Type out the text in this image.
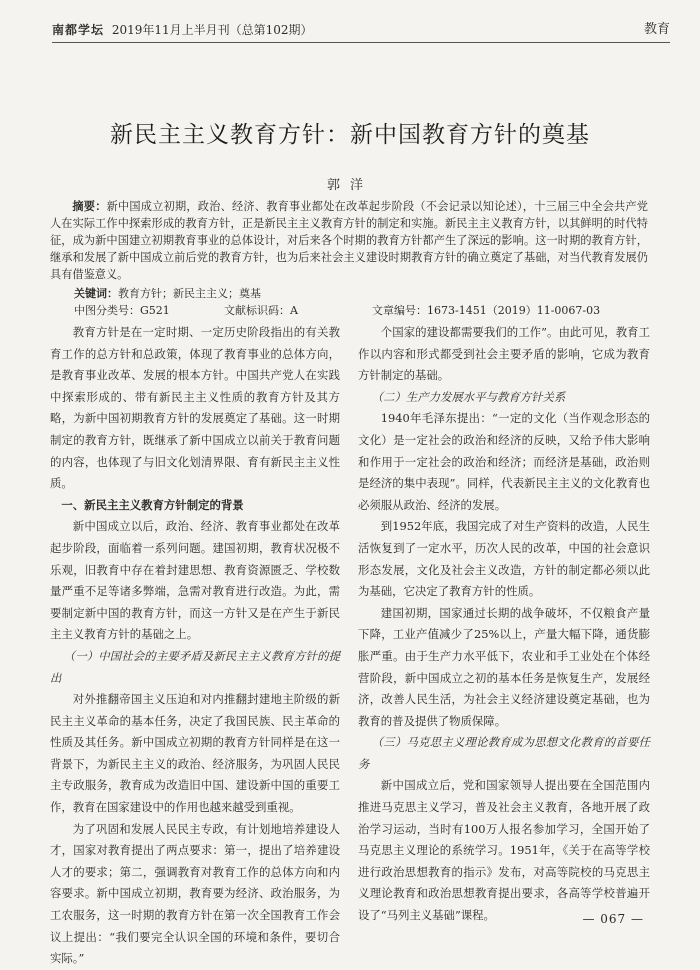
南都学坛 2019年11月上半月刊（总第102期）	教育
新民主主义教育方针：新中国教育方针的奠基
郭洋
摘要：新中国成立初期，政治、经济、教育事业都处在改革起步阶段（不会记录以知论述），十三届三中全会共产党人在实际工作中探索形成的教育方针，正是新民主主义教育方针的制定和实施。新民主主义教育方针，以其鲜明的时代特征，成为新中国建立初期教育事业的总体设计，对后来各个时期的教育方针都产生了深远的影响。这一时期的教育方针，继承和发展了新中国成立前后党的教育方针，也为后来社会主义建设时期教育方针的确立奠定了基础，对当代教育发展仍具有借鉴意义。
关键词：教育方针；新民主主义；奠基
中图分类号：G521	文献标识码：A	文章编号：1673-1451（2019）11-0067-03

教育方针是在一定时期、一定历史阶段指出的有关教育工作的总方针和总政策，体现了教育事业的总体方向，是教育事业改革、发展的根本方针。中国共产党人在实践中探索形成的、带有新民主主义性质的教育方针及其方略，为新中国初期教育方针的发展奠定了基础。这一时期制定的教育方针，既继承了新中国成立以前关于教育问题的内容，也体现了与旧文化划清界限、育有新民主主义性质。

一、新民主主义教育方针制定的背景

新中国成立以后，政治、经济、教育事业都处在改革起步阶段，面临着一系列问题。建国初期，教育状况极不乐观，旧教育中存在着封建思想、教育资源匮乏、学校数量严重不足等诸多弊端，急需对教育进行改造。为此，需要制定新中国的教育方针，而这一方针又是在产生于新民主主义教育方针的基础之上。

（一）中国社会的主要矛盾及新民主主义教育方针的提出

对外推翻帝国主义压迫和对内推翻封建地主阶级的新民主主义革命的基本任务，决定了我国民族、民主革命的性质及其任务。新中国成立初期的教育方针同样是在这一背景下，为新民主主义的政治、经济服务，为巩固人民民主专政服务，教育成为改造旧中国、建设新中国的重要工作，教育在国家建设中的作用也越来越受到重视。

为了巩固和发展人民民主专政，有计划地培养建设人才，国家对教育提出了两点要求：第一，提出了培养建设人才的要求；第二，强调教育对教育工作的总体方向和内容要求。新中国成立初期，教育要为经济、政治服务，为工农服务，这一时期的教育方针在第一次全国教育工作会议上提出：“我们要完全认识全国的环境和条件，要切合实际。”

个国家的建设都需要我们的工作”。由此可见，教育工作以内容和形式都受到社会主要矛盾的影响，它成为教育方针制定的基础。

（二）生产力发展水平与教育方针关系

1940年毛泽东提出：“一定的文化（当作观念形态的文化）是一定社会的政治和经济的反映，又给予伟大影响和作用于一定社会的政治和经济；而经济是基础，政治则是经济的集中表现”。同样，代表新民主主义的文化教育也必须服从政治、经济的发展。

到1952年底，我国完成了对生产资料的改造，人民生活恢复到了一定水平，历次人民的改革，中国的社会意识形态发展，文化及社会主义改造，方针的制定都必须以此为基础，它决定了教育方针的性质。

建国初期，国家通过长期的战争破坏，不仅粮食产量下降，工业产值减少了25%以上，产量大幅下降，通货膨胀严重。由于生产力水平低下，农业和手工业处在个体经营阶段，新中国成立之初的基本任务是恢复生产，发展经济，改善人民生活，为社会主义经济建设奠定基础，也为教育的普及提供了物质保障。

（三）马克思主义理论教育成为思想文化教育的首要任务

新中国成立后，党和国家领导人提出要在全国范围内推进马克思主义学习，普及社会主义教育，各地开展了政治学习运动，当时有100万人报名参加学习，全国开始了马克思主义理论的系统学习。1951年，《关于在高等学校进行政治思想教育的指示》发布，对高等院校的马克思主义理论教育和政治思想教育提出要求，各高等学校普遍开设了“马列主义基础”课程。	— 067 —
